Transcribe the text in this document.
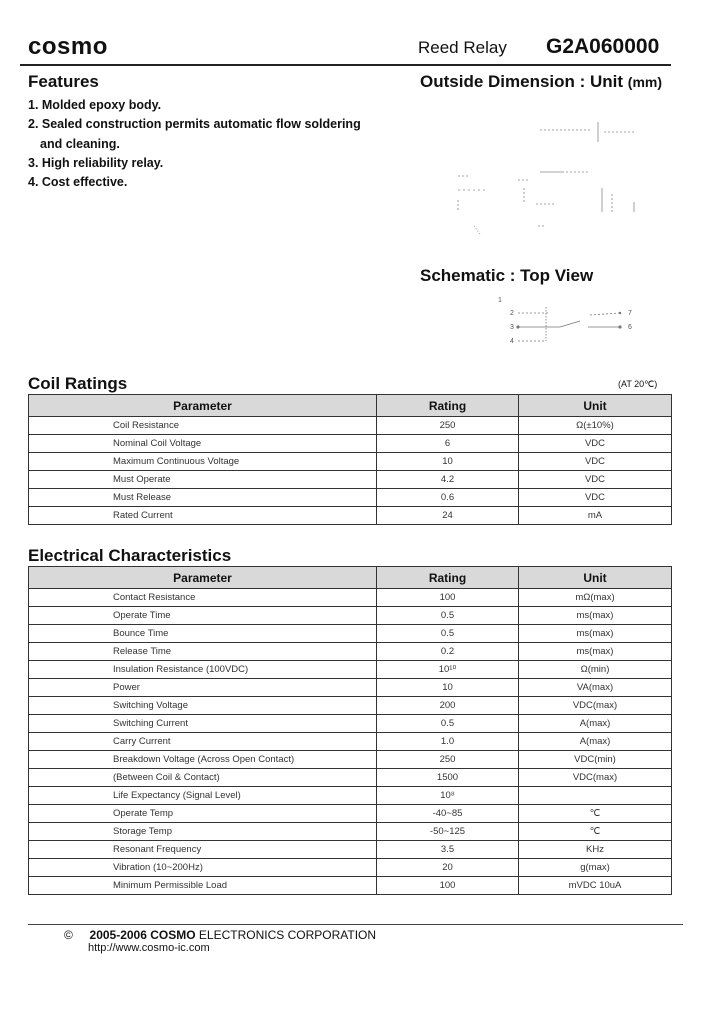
cosmo	Reed Relay G2A060000
Features
1. Molded epoxy body.
2. Sealed construction permits automatic flow soldering and cleaning.
3. High reliability relay.
4. Cost effective.
Outside Dimension : Unit (mm)
Schematic : Top View
1
2
3
4
7
6
Coil Ratings	(AT 20℃)
Parameter	Rating	Unit
Coil Resistance	250	Ω(±10%)
Nominal Coil Voltage	6	VDC
Maximum Continuous Voltage	10	VDC
Must Operate	4.2	VDC
Must Release	0.6	VDC
Rated Current	24	mA
Electrical Characteristics
Parameter	Rating	Unit
Contact Resistance	100	mΩ(max)
Operate Time	0.5	ms(max)
Bounce Time	0.5	ms(max)
Release Time	0.2	ms(max)
Insulation Resistance (100VDC)	10¹⁰	Ω(min)
Power	10	VA(max)
Switching Voltage	200	VDC(max)
Switching Current	0.5	A(max)
Carry Current	1.0	A(max)
Breakdown Voltage (Across Open Contact)	250	VDC(min)
(Between Coil & Contact)	1500	VDC(max)
Life Expectancy (Signal Level)	10⁸	
Operate Temp	-40~85	℃
Storage Temp	-50~125	℃
Resonant Frequency	3.5	KHz
Vibration (10~200Hz)	20	g(max)
Minimum Permissible Load	100	mVDC 10uA
© 2005-2006 COSMO ELECTRONICS CORPORATION
http://www.cosmo-ic.com
